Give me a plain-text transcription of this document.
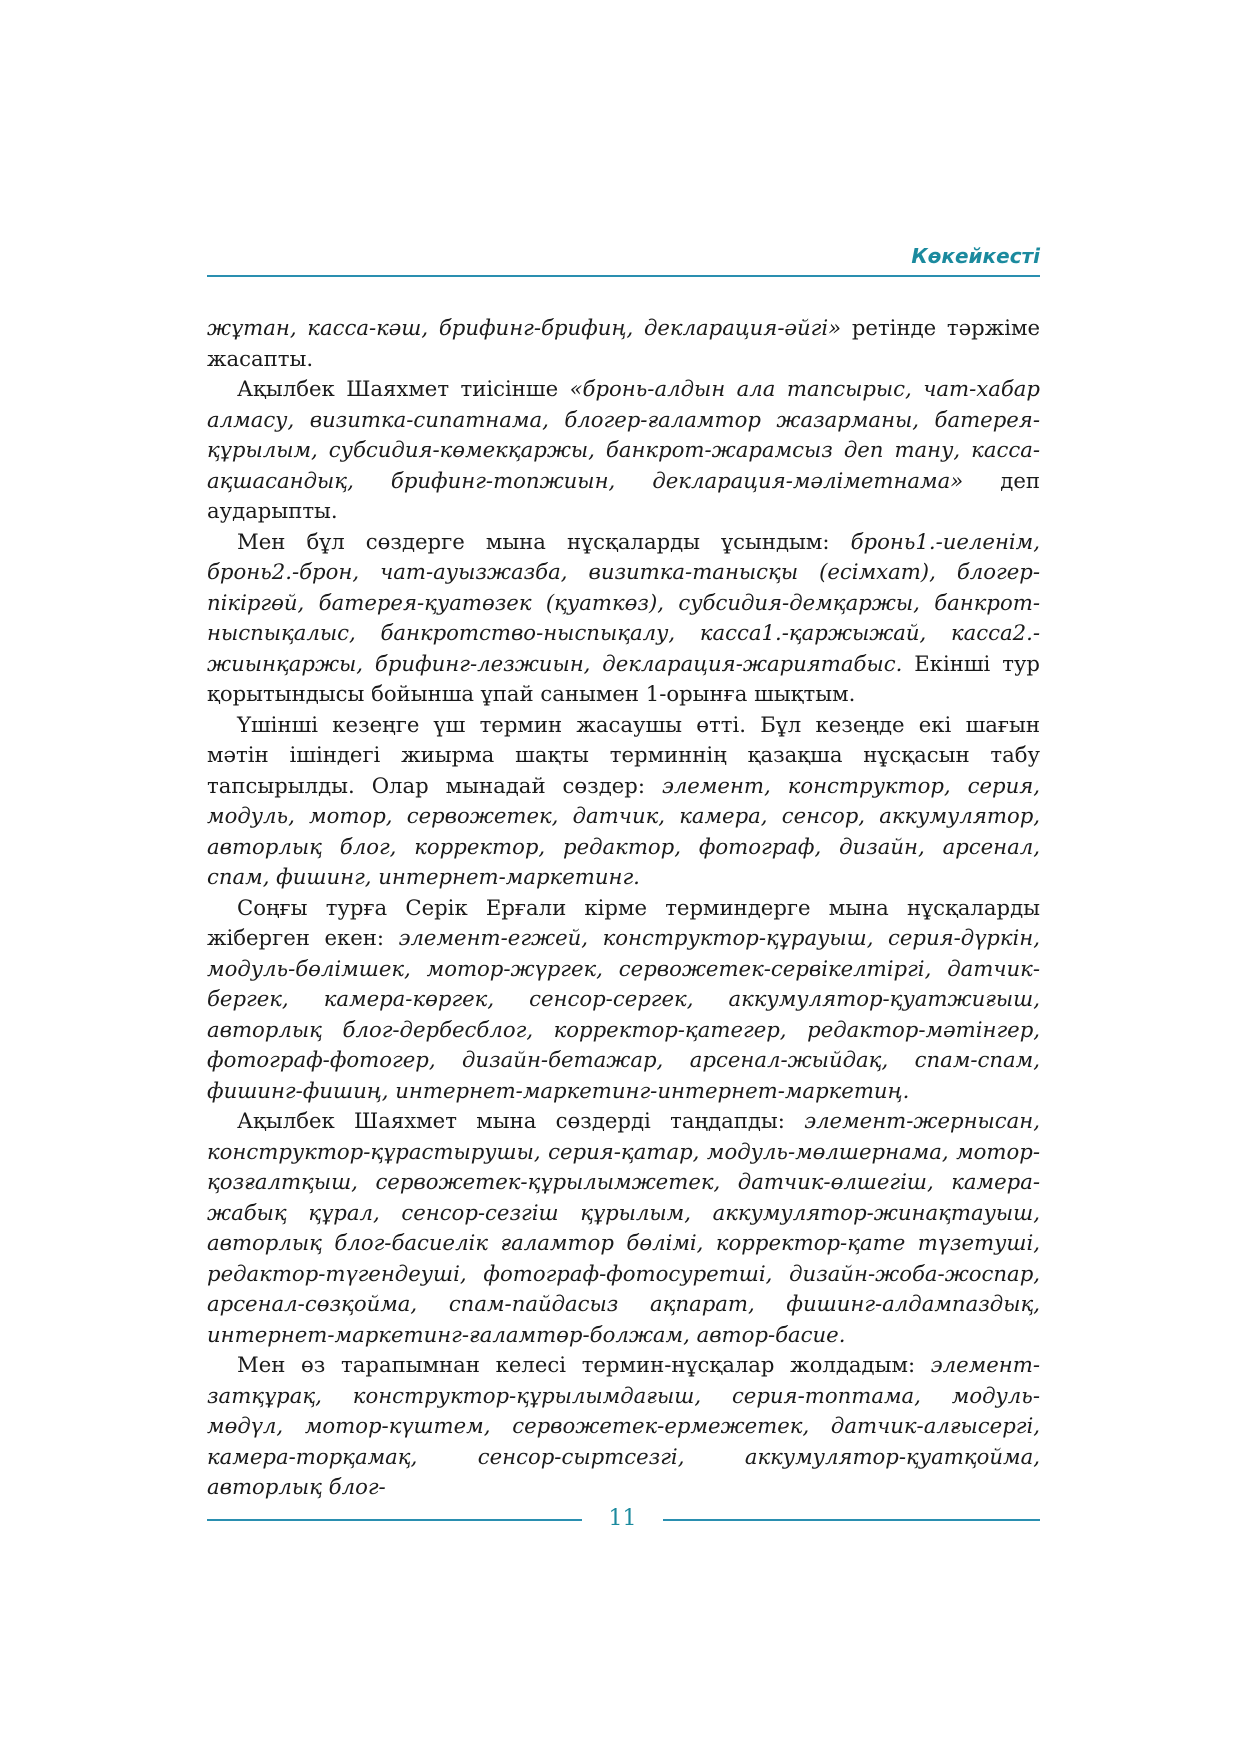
Көкейкесті

жұтан, касса-кәш, брифинг-брифиң, декларация-әйгі» ретінде тәржіме жасапты.

Ақылбек Шаяхмет тиісінше «бронь-алдын ала тапсырыс, чат-хабар алмасу, визитка-сипатнама, блогер-ғаламтор жазарманы, батерея-құрылым, субсидия-көмекқаржы, банкрот-жарамсыз деп тану, касса-ақшасандық, брифинг-топжиын, декларация-мәліметнама» деп аударыпты.

Мен бұл сөздерге мына нұсқаларды ұсындым: бронь1.-иеленім, бронь2.-брон, чат-ауызжазба, визитка-танысқы (есімхат), блогер-пікіргөй, батерея-қуатөзек (қуаткөз), субсидия-демқаржы, банкрот-ныспықалыс, банкротство-ныспықалу, касса1.-қаржыжай, касса2.-жиынқаржы, брифинг-лезжиын, декларация-жариятабыс. Екінші тур қорытындысы бойынша ұпай санымен 1-орынға шықтым.

Үшінші кезеңге үш термин жасаушы өтті. Бұл кезеңде екі шағын мәтін ішіндегі жиырма шақты терминнің қазақша нұсқасын табу тапсырылды. Олар мынадай сөздер: элемент, конструктор, серия, модуль, мотор, сервожетек, датчик, камера, сенсор, аккумулятор, авторлық блог, корректор, редактор, фотограф, дизайн, арсенал, спам, фишинг, интернет-маркетинг.

Соңғы турға Серік Ерғали кірме терминдерге мына нұсқаларды жіберген екен: элемент-егжей, конструктор-құрауыш, серия-дүркін, модуль-бөлімшек, мотор-жүргек, сервожетек-сервікелтіргі, датчик-бергек, камера-көргек, сенсор-сергек, аккумулятор-қуатжиғыш, авторлық блог-дербесблог, корректор-қатегер, редактор-мәтінгер, фотограф-фотогер, дизайн-бетажар, арсенал-жыйдақ, спам-спам, фишинг-фишиң, интернет-маркетинг-интернет-маркетиң.

Ақылбек Шаяхмет мына сөздерді таңдапды: элемент-жернысан, конструктор-құрастырушы, серия-қатар, модуль-мөлшернама, мотор-қозғалтқыш, сервожетек-құрылымжетек, датчик-өлшегіш, камера-жабық құрал, сенсор-сезгіш құрылым, аккумулятор-жинақтауыш, авторлық блог-басиелік ғаламтор бөлімі, корректор-қате түзетуші, редактор-түгендеуші, фотограф-фотосуретші, дизайн-жоба-жоспар, арсенал-сөзқойма, спам-пайдасыз ақпарат, фишинг-алдампаздық, интернет-маркетинг-ғаламтөр-болжам, автор-басие.

Мен өз тарапымнан келесі термин-нұсқалар жолдадым: элемент-затқұрақ, конструктор-құрылымдағыш, серия-топтама, модуль-мөдүл, мотор-күштем, сервожетек-ермежетек, датчик-алғысергі, камера-торқамақ, сенсор-сыртсезгі, аккумулятор-қуатқойма, авторлық блог-

11
